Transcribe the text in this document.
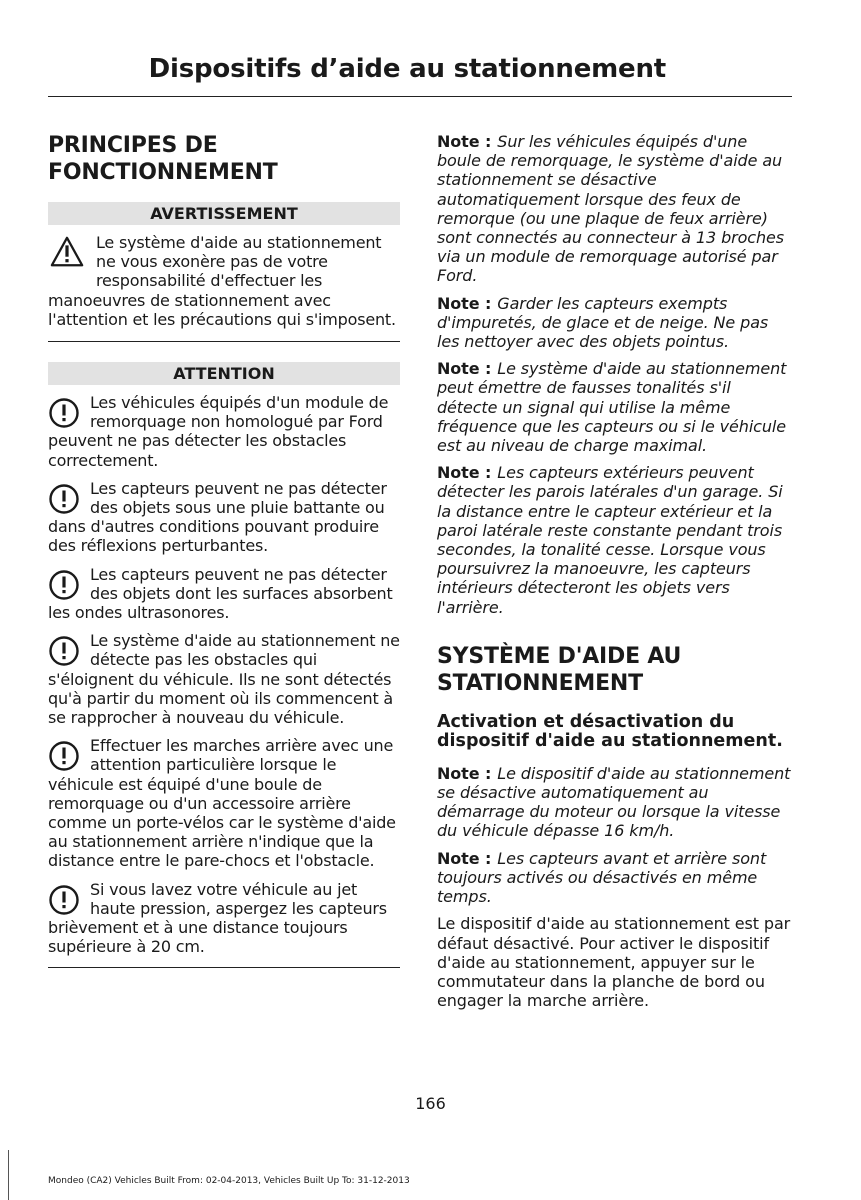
Dispositifs d’aide au stationnement
PRINCIPES DE FONCTIONNEMENT
AVERTISSEMENT

Le système d'aide au stationnement ne vous exonère pas de votre responsabilité d'effectuer les manoeuvres de stationnement avec l'attention et les précautions qui s'imposent.

ATTENTION

Les véhicules équipés d'un module de remorquage non homologué par Ford peuvent ne pas détecter les obstacles correctement.

Les capteurs peuvent ne pas détecter des objets sous une pluie battante ou dans d'autres conditions pouvant produire des réflexions perturbantes.

Les capteurs peuvent ne pas détecter des objets dont les surfaces absorbent les ondes ultrasonores.

Le système d'aide au stationnement ne détecte pas les obstacles qui s'éloignent du véhicule. Ils ne sont détectés qu'à partir du moment où ils commencent à se rapprocher à nouveau du véhicule.

Effectuer les marches arrière avec une attention particulière lorsque le véhicule est équipé d'une boule de remorquage ou d'un accessoire arrière comme un porte-vélos car le système d'aide au stationnement arrière n'indique que la distance entre le pare-chocs et l'obstacle.

Si vous lavez votre véhicule au jet haute pression, aspergez les capteurs brièvement et à une distance toujours supérieure à 20 cm.

Note : Sur les véhicules équipés d'une boule de remorquage, le système d'aide au stationnement se désactive automatiquement lorsque des feux de remorque (ou une plaque de feux arrière) sont connectés au connecteur à 13 broches via un module de remorquage autorisé par Ford.

Note : Garder les capteurs exempts d'impuretés, de glace et de neige. Ne pas les nettoyer avec des objets pointus.

Note : Le système d'aide au stationnement peut émettre de fausses tonalités s'il détecte un signal qui utilise la même fréquence que les capteurs ou si le véhicule est au niveau de charge maximal.

Note : Les capteurs extérieurs peuvent détecter les parois latérales d'un garage. Si la distance entre le capteur extérieur et la paroi latérale reste constante pendant trois secondes, la tonalité cesse. Lorsque vous poursuivrez la manoeuvre, les capteurs intérieurs détecteront les objets vers l'arrière.

SYSTÈME D'AIDE AU STATIONNEMENT
Activation et désactivation du dispositif d'aide au stationnement.

Note : Le dispositif d'aide au stationnement se désactive automatiquement au démarrage du moteur ou lorsque la vitesse du véhicule dépasse 16 km/h.

Note : Les capteurs avant et arrière sont toujours activés ou désactivés en même temps.

Le dispositif d'aide au stationnement est par défaut désactivé. Pour activer le dispositif d'aide au stationnement, appuyer sur le commutateur dans la planche de bord ou engager la marche arrière.

166
Mondeo (CA2) Vehicles Built From: 02-04-2013, Vehicles Built Up To: 31-12-2013
